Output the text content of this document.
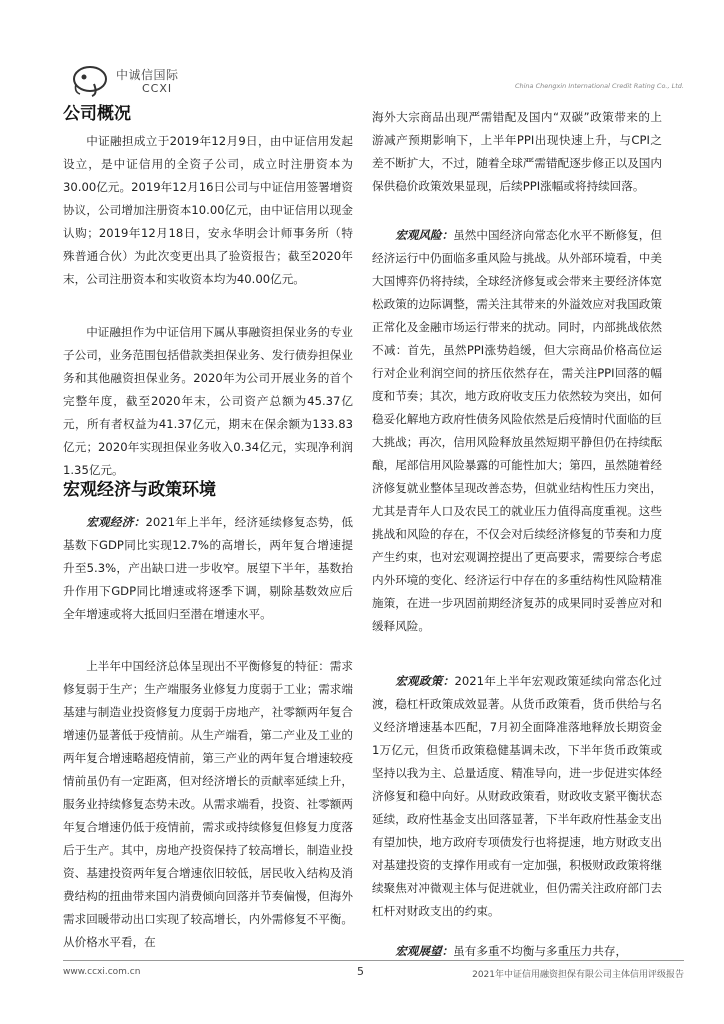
中诚信国际
CCXI	China Chengxin International Credit Rating Co., Ltd.
公司概况

中证融担成立于2019年12月9日，由中证信用发起设立，是中证信用的全资子公司，成立时注册资本为30.00亿元。2019年12月16日公司与中证信用签署增资协议，公司增加注册资本10.00亿元，由中证信用以现金认购；2019年12月18日，安永华明会计师事务所（特殊普通合伙）为此次变更出具了验资报告；截至2020年末，公司注册资本和实收资本均为40.00亿元。

中证融担作为中证信用下属从事融资担保业务的专业子公司，业务范围包括借款类担保业务、发行债券担保业务和其他融资担保业务。2020年为公司开展业务的首个完整年度，截至2020年末，公司资产总额为45.37亿元，所有者权益为41.37亿元，期末在保余额为133.83亿元；2020年实现担保业务收入0.34亿元，实现净利润1.35亿元。

宏观经济与政策环境

宏观经济：2021年上半年，经济延续修复态势，低基数下GDP同比实现12.7%的高增长，两年复合增速提升至5.3%，产出缺口进一步收窄。展望下半年，基数抬升作用下GDP同比增速或将逐季下调，剔除基数效应后全年增速或将大抵回归至潜在增速水平。

上半年中国经济总体呈现出不平衡修复的特征：需求修复弱于生产；生产端服务业修复力度弱于工业；需求端基建与制造业投资修复力度弱于房地产，社零额两年复合增速仍显著低于疫情前。从生产端看，第二产业及工业的两年复合增速略超疫情前，第三产业的两年复合增速较疫情前虽仍有一定距离，但对经济增长的贡献率延续上升，服务业持续修复态势未改。从需求端看，投资、社零额两年复合增速仍低于疫情前，需求或持续修复但修复力度落后于生产。其中，房地产投资保持了较高增长，制造业投资、基建投资两年复合增速依旧较低，居民收入结构及消费结构的扭曲带来国内消费倾向回落并节奏偏慢，但海外需求回暖带动出口实现了较高增长，内外需修复不平衡。从价格水平看，在

海外大宗商品出现严需错配及国内“双碳”政策带来的上游减产预期影响下，上半年PPI出现快速上升，与CPI之差不断扩大，不过，随着全球严需错配逐步修正以及国内保供稳价政策效果显现，后续PPI涨幅或将持续回落。

宏观风险：虽然中国经济向常态化水平不断修复，但经济运行中仍面临多重风险与挑战。从外部环境看，中美大国博弈仍将持续，全球经济修复或会带来主要经济体宽松政策的边际调整，需关注其带来的外溢效应对我国政策正常化及金融市场运行带来的扰动。同时，内部挑战依然不减：首先，虽然PPI涨势趋缓，但大宗商品价格高位运行对企业利润空间的挤压依然存在，需关注PPI回落的幅度和节奏；其次，地方政府收支压力依然较为突出，如何稳妥化解地方政府性债务风险依然是后疫情时代面临的巨大挑战；再次，信用风险释放虽然短期平静但仍在持续酝酿，尾部信用风险暴露的可能性加大；第四，虽然随着经济修复就业整体呈现改善态势，但就业结构性压力突出，尤其是青年人口及农民工的就业压力值得高度重视。这些挑战和风险的存在，不仅会对后续经济修复的节奏和力度产生约束，也对宏观调控提出了更高要求，需要综合考虑内外环境的变化、经济运行中存在的多重结构性风险精准施策，在进一步巩固前期经济复苏的成果同时妥善应对和缓释风险。

宏观政策：2021年上半年宏观政策延续向常态化过渡，稳杠杆政策成效显著。从货币政策看，货币供给与名义经济增速基本匹配，7月初全面降准落地释放长期资金1万亿元，但货币政策稳健基调未改，下半年货币政策或坚持以我为主、总量适度、精准导向，进一步促进实体经济修复和稳中向好。从财政政策看，财政收支紧平衡状态延续，政府性基金支出回落显著，下半年政府性基金支出有望加快，地方政府专项债发行也将提速，地方财政支出对基建投资的支撑作用或有一定加强，积极财政政策将继续聚焦对冲微观主体与促进就业，但仍需关注政府部门去杠杆对财政支出的约束。

宏观展望：虽有多重不均衡与多重压力共存，

www.ccxi.com.cn	5	2021年中证信用融资担保有限公司主体信用评级报告
